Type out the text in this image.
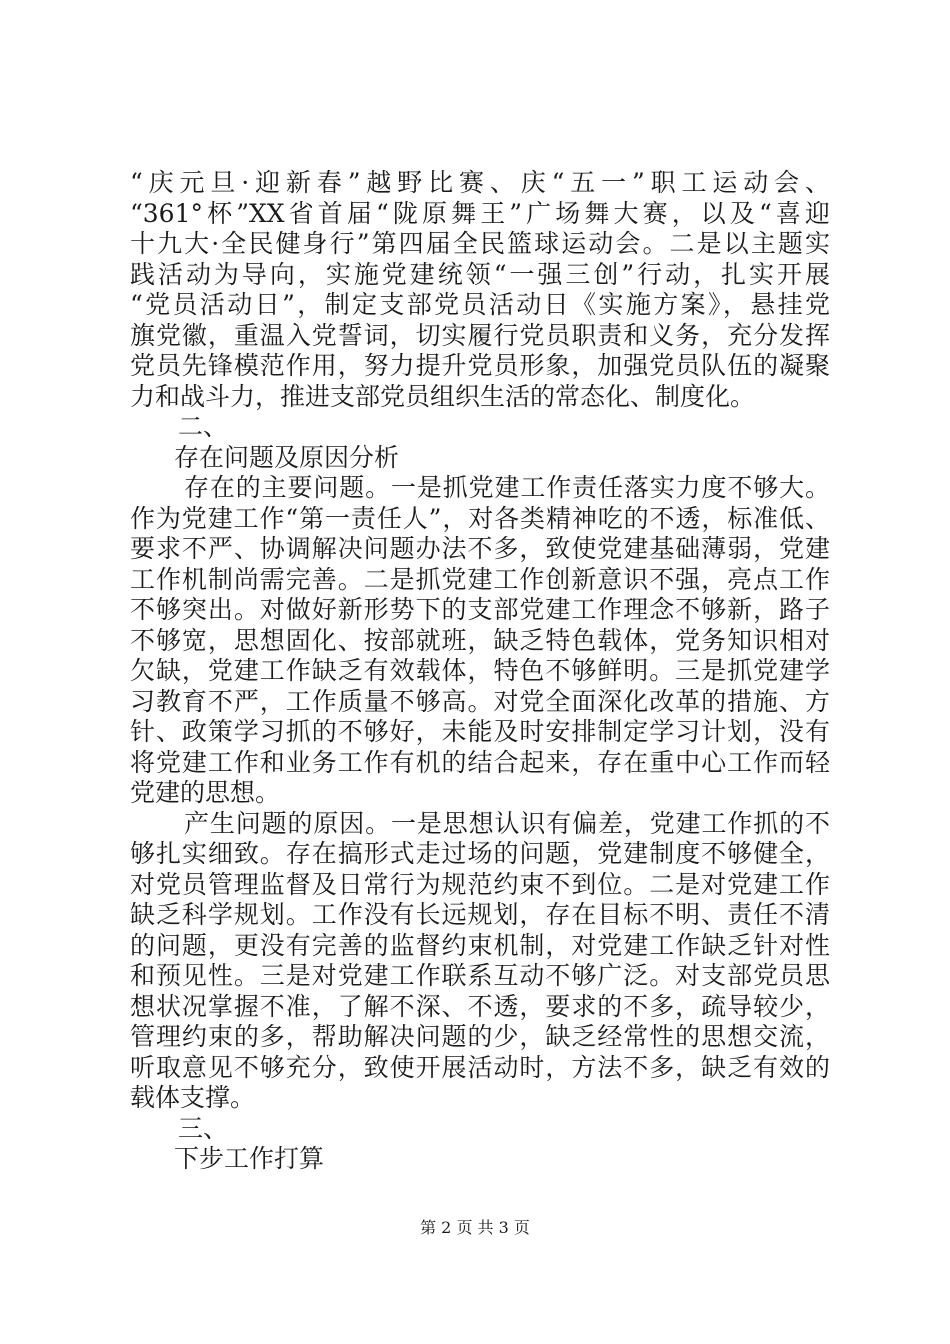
“庆元旦·迎新春”越野比赛、庆“五一”职工运动会、
“361°杯”XX省首届“陇原舞王”广场舞大赛，以及“喜迎
十九大·全民健身行”第四届全民篮球运动会。二是以主题实
践活动为导向，实施党建统领“一强三创”行动，扎实开展
“党员活动日”，制定支部党员活动日《实施方案》，悬挂党
旗党徽，重温入党誓词，切实履行党员职责和义务，充分发挥
党员先锋模范作用，努力提升党员形象，加强党员队伍的凝聚
力和战斗力，推进支部党员组织生活的常态化、制度化。
二、
存在问题及原因分析
存在的主要问题。一是抓党建工作责任落实力度不够大。
作为党建工作“第一责任人”，对各类精神吃的不透，标准低、
要求不严、协调解决问题办法不多，致使党建基础薄弱，党建
工作机制尚需完善。二是抓党建工作创新意识不强，亮点工作
不够突出。对做好新形势下的支部党建工作理念不够新，路子
不够宽，思想固化、按部就班，缺乏特色载体，党务知识相对
欠缺，党建工作缺乏有效载体，特色不够鲜明。三是抓党建学
习教育不严，工作质量不够高。对党全面深化改革的措施、方
针、政策学习抓的不够好，未能及时安排制定学习计划，没有
将党建工作和业务工作有机的结合起来，存在重中心工作而轻
党建的思想。
产生问题的原因。一是思想认识有偏差，党建工作抓的不
够扎实细致。存在搞形式走过场的问题，党建制度不够健全，
对党员管理监督及日常行为规范约束不到位。二是对党建工作
缺乏科学规划。工作没有长远规划，存在目标不明、责任不清
的问题，更没有完善的监督约束机制，对党建工作缺乏针对性
和预见性。三是对党建工作联系互动不够广泛。对支部党员思
想状况掌握不准，了解不深、不透，要求的不多，疏导较少，
管理约束的多，帮助解决问题的少，缺乏经常性的思想交流，
听取意见不够充分，致使开展活动时，方法不多，缺乏有效的
载体支撑。
三、
下步工作打算
第 2 页 共 3 页
